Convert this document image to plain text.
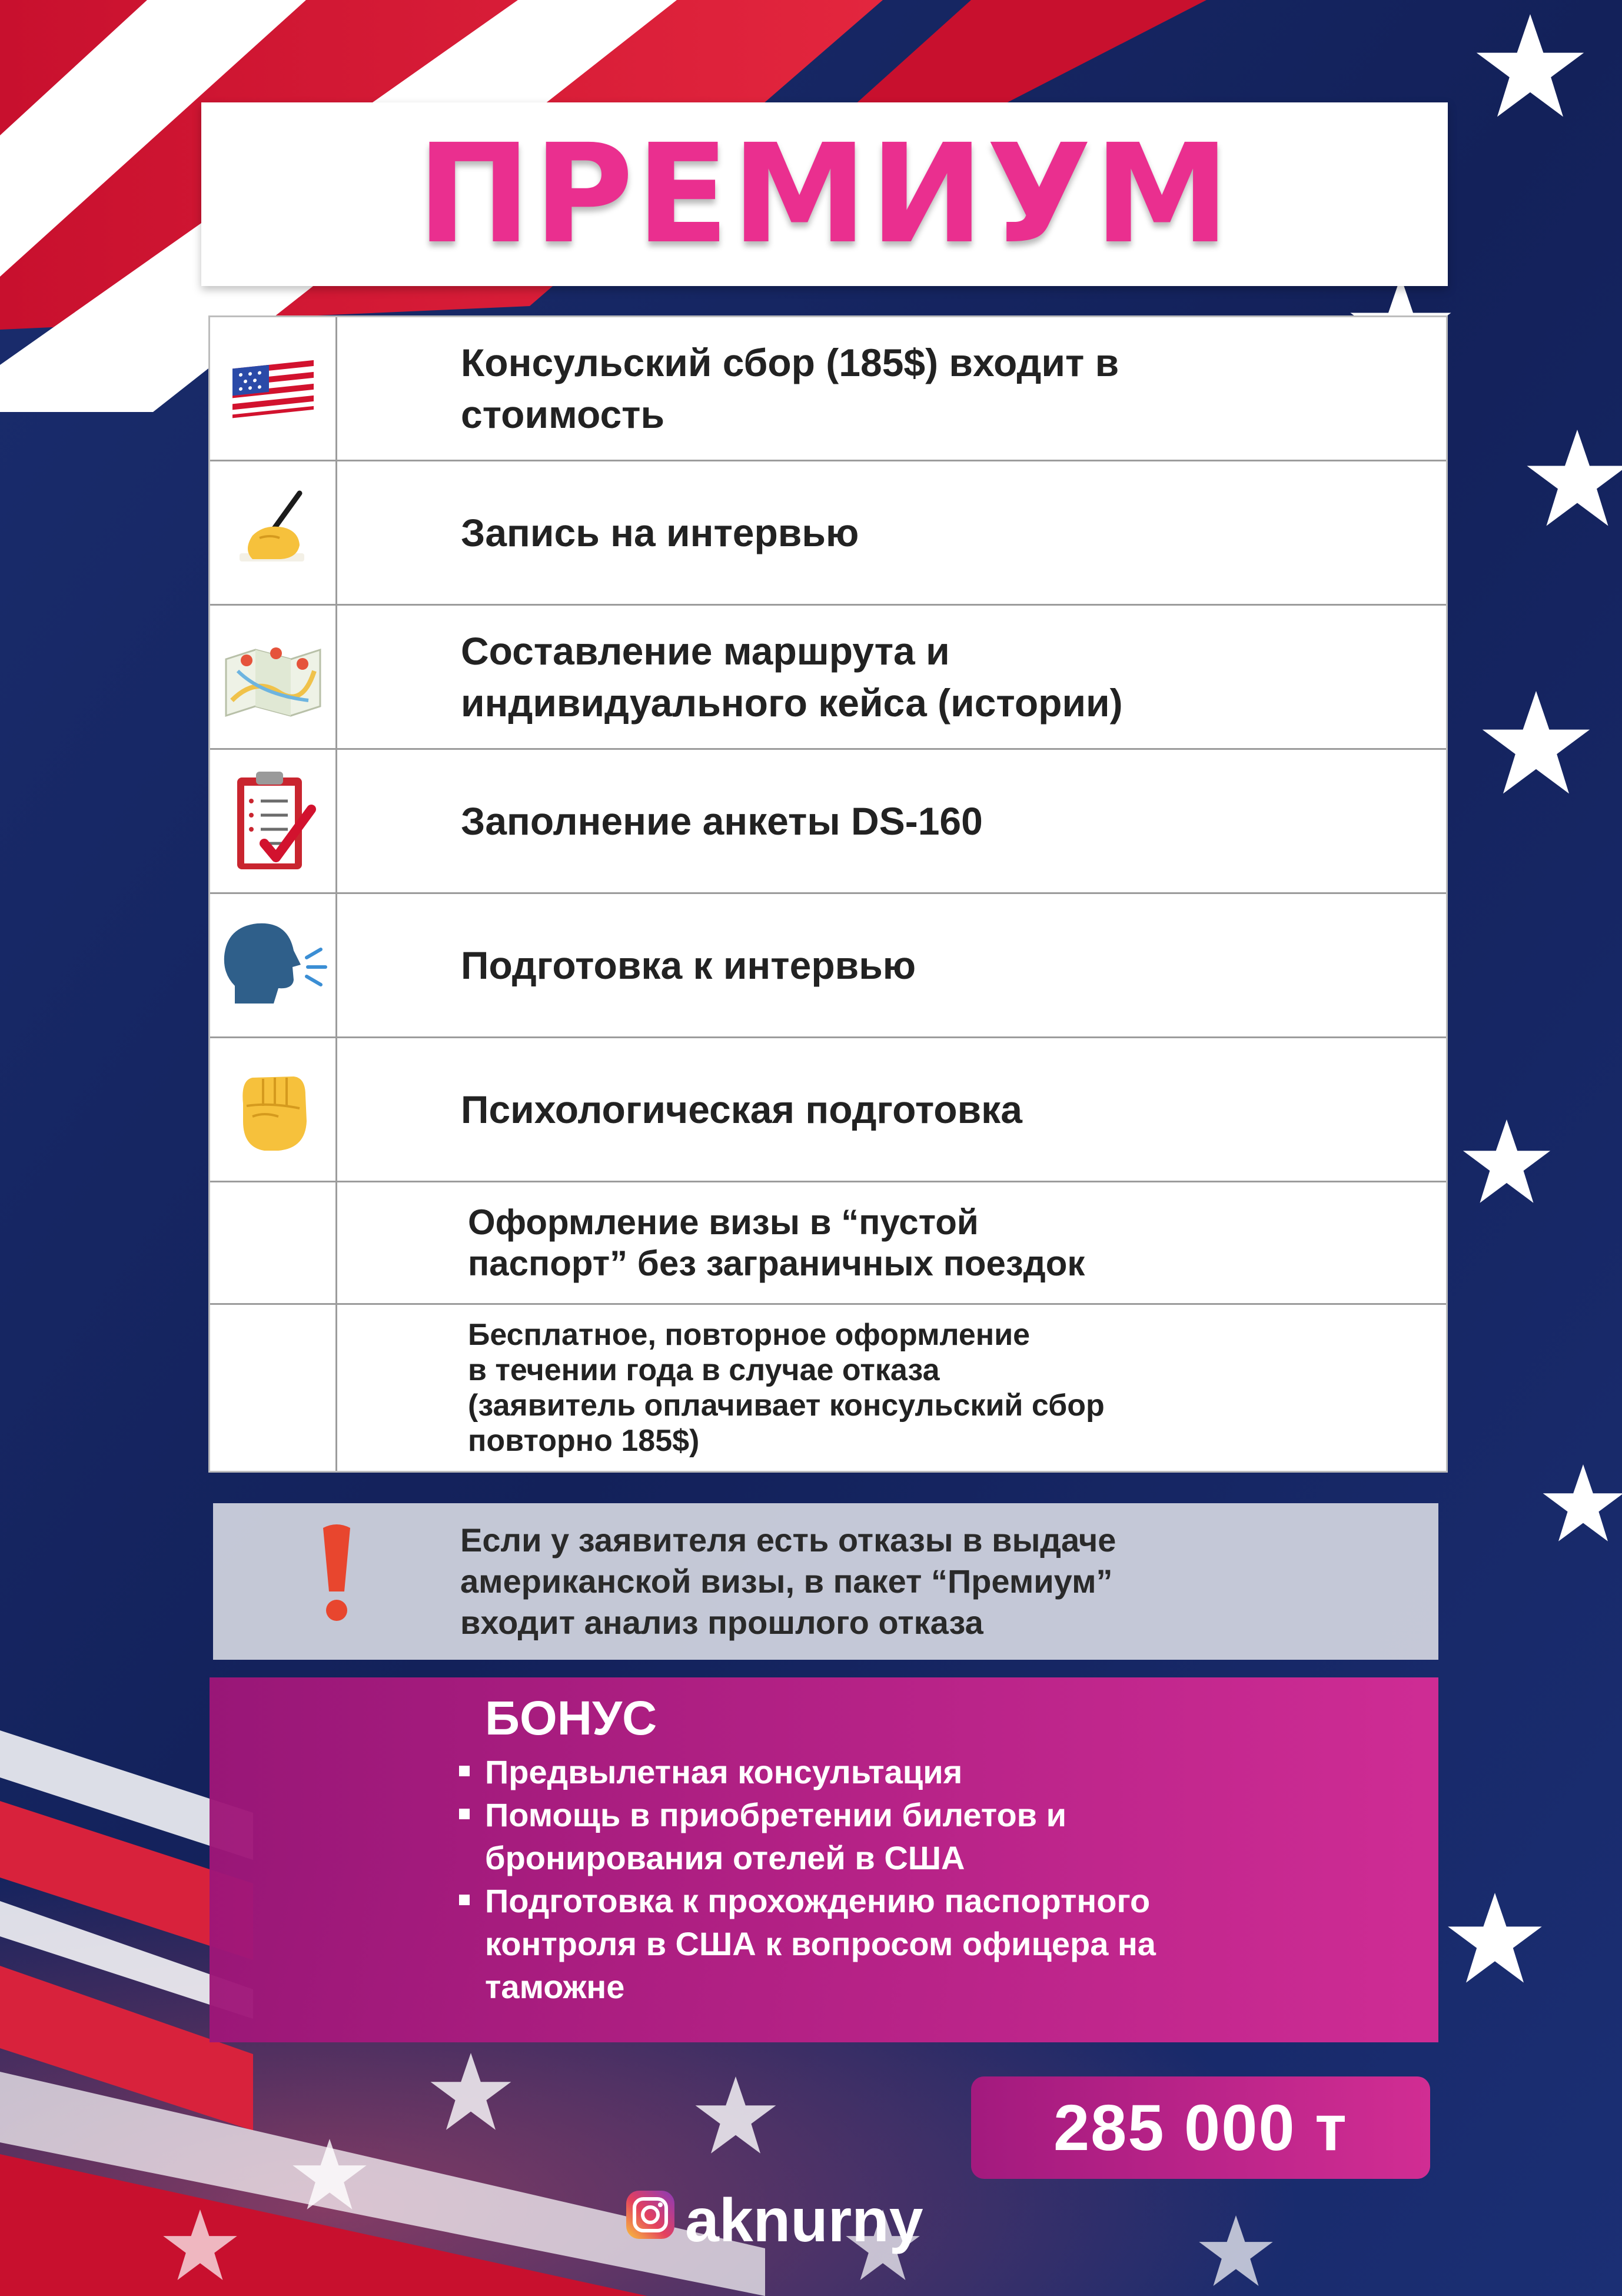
ПРЕМИУМ
Консульский сбор (185$) входит в
стоимость
Запись на интервью
Составление маршрута и
индивидуального кейса (истории)
Заполнение анкеты DS-160
Подготовка к интервью
Психологическая подготовка
Оформление визы в “пустой
паспорт” без заграничных поездок
Бесплатное, повторное оформление
в течении года в случае отказа
(заявитель оплачивает консульский сбор
повторно 185$)
Если у заявителя есть отказы в выдаче
американской визы, в пакет “Премиум”
входит анализ прошлого отказа
БОНУС
Предвылетная консультация
Помощь в приобретении билетов и
бронирования отелей в США
Подготовка к прохождению паспортного
контроля в США к вопросом офицера на
таможне
285 000 т
aknurny
